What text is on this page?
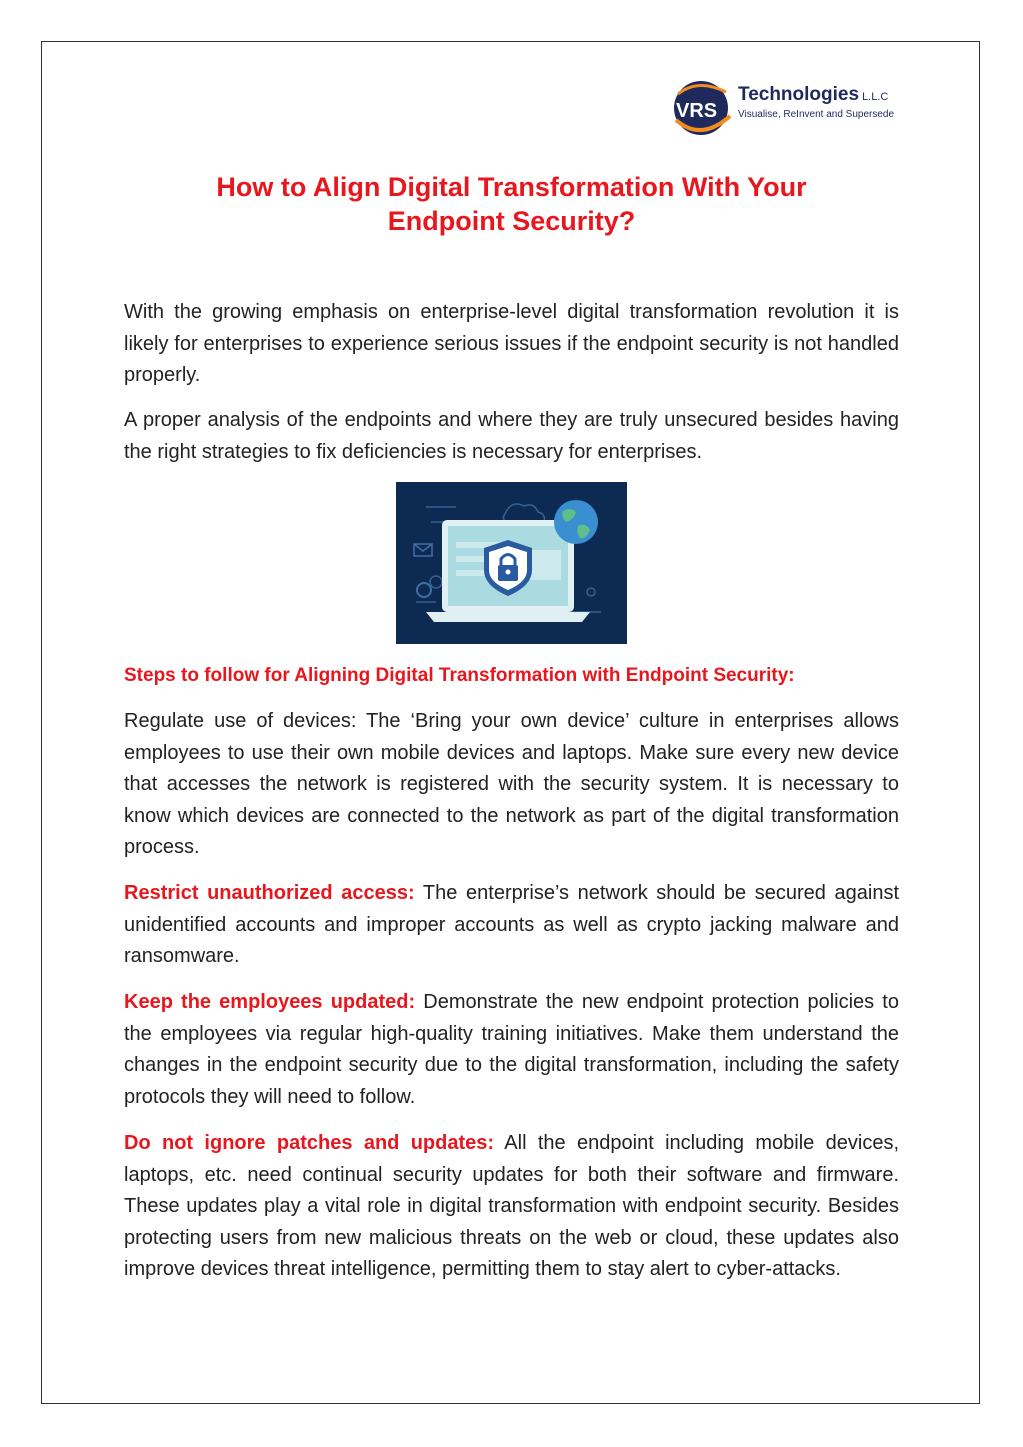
VRS
Technologies L.L.C
Visualise, ReInvent and Supersede
How to Align Digital Transformation With Your
Endpoint Security?

With the growing emphasis on enterprise-level digital transformation revolution it is likely for enterprises to experience serious issues if the endpoint security is not handled properly.

A proper analysis of the endpoints and where they are truly unsecured besides having the right strategies to fix deficiencies is necessary for enterprises.

Steps to follow for Aligning Digital Transformation with Endpoint Security:

Regulate use of devices: The ‘Bring your own device’ culture in enterprises allows employees to use their own mobile devices and laptops. Make sure every new device that accesses the network is registered with the security system. It is necessary to know which devices are connected to the network as part of the digital transformation process.

Restrict unauthorized access: The enterprise’s network should be secured against unidentified accounts and improper accounts as well as crypto jacking malware and ransomware.

Keep the employees updated: Demonstrate the new endpoint protection policies to the employees via regular high-quality training initiatives. Make them understand the changes in the endpoint security due to the digital transformation, including the safety protocols they will need to follow.

Do not ignore patches and updates: All the endpoint including mobile devices, laptops, etc. need continual security updates for both their software and firmware. These updates play a vital role in digital transformation with endpoint security. Besides protecting users from new malicious threats on the web or cloud, these updates also improve devices threat intelligence, permitting them to stay alert to cyber-attacks.
